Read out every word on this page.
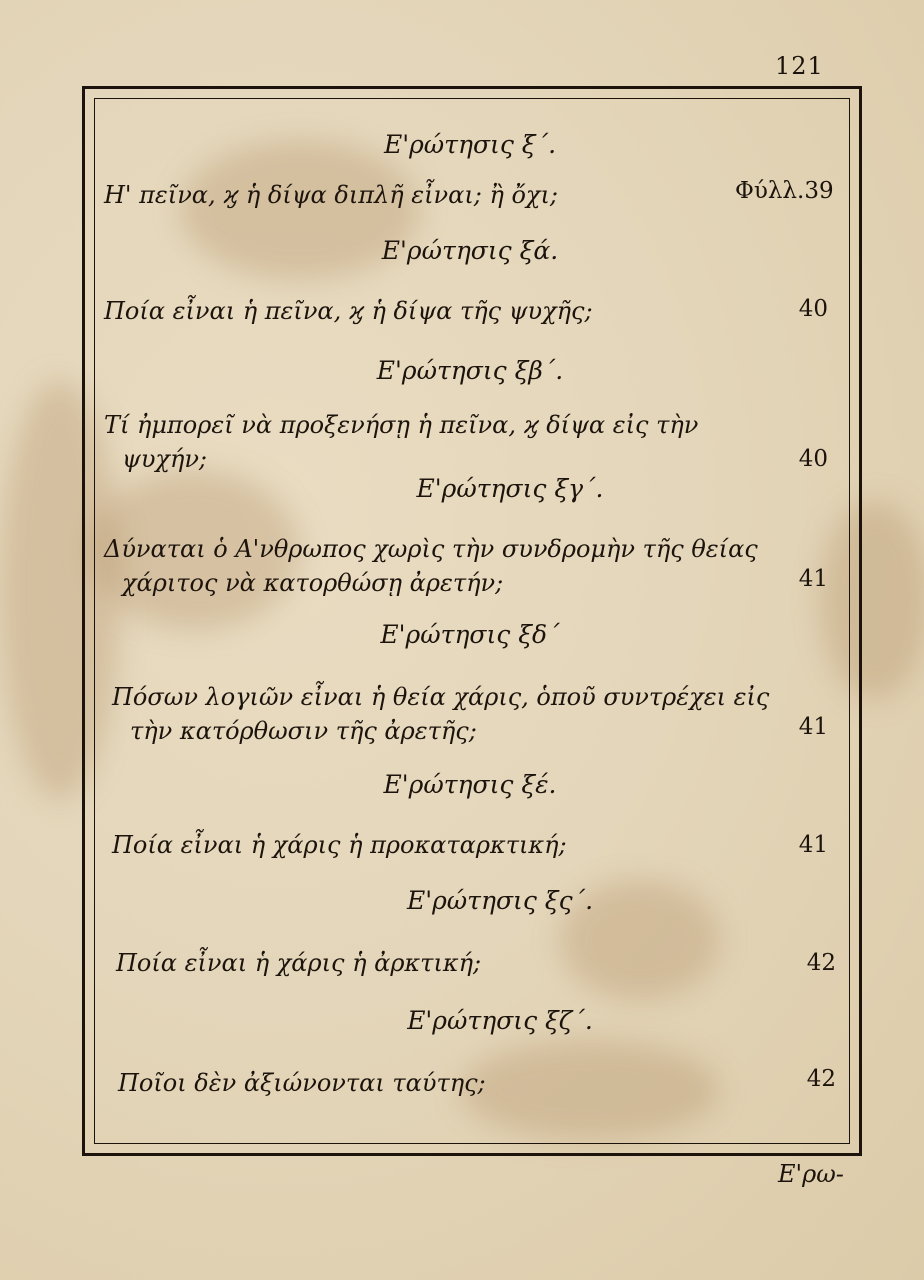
121
Ε'ρώτησις ξ΄.
Η' πεῖνα, ϗ ἡ δίψα διπλῆ εἶναι; ἢ ὄχι;	Φύλλ.39
Ε'ρώτησις ξά.
Ποία εἶναι ἡ πεῖνα, ϗ ἡ δίψα τῆς ψυχῆς;	40
Ε'ρώτησις ξβ΄.
Τί ἠμπορεῖ νὰ προξενήσῃ ἡ πεῖνα, ϗ δίψα εἰς τὴν
ψυχήν;	40
Ε'ρώτησις ξγ΄.
Δύναται ὁ Α'νθρωπος χωρὶς τὴν συνδρομὴν τῆς θείας
χάριτος νὰ κατορθώσῃ ἀρετήν;	41
Ε'ρώτησις ξδ΄
Πόσων λογιῶν εἶναι ἡ θεία χάρις, ὁποῦ συντρέχει εἰς
τὴν κατόρθωσιν τῆς ἀρετῆς;	41
Ε'ρώτησις ξέ.
Ποία εἶναι ἡ χάρις ἡ προκαταρκτική;	41
Ε'ρώτησις ξς΄.
Ποία εἶναι ἡ χάρις ἡ ἀρκτική;	42
Ε'ρώτησις ξζ΄.
Ποῖοι δὲν ἀξιώνονται ταύτης;	42
Ε'ρω-
